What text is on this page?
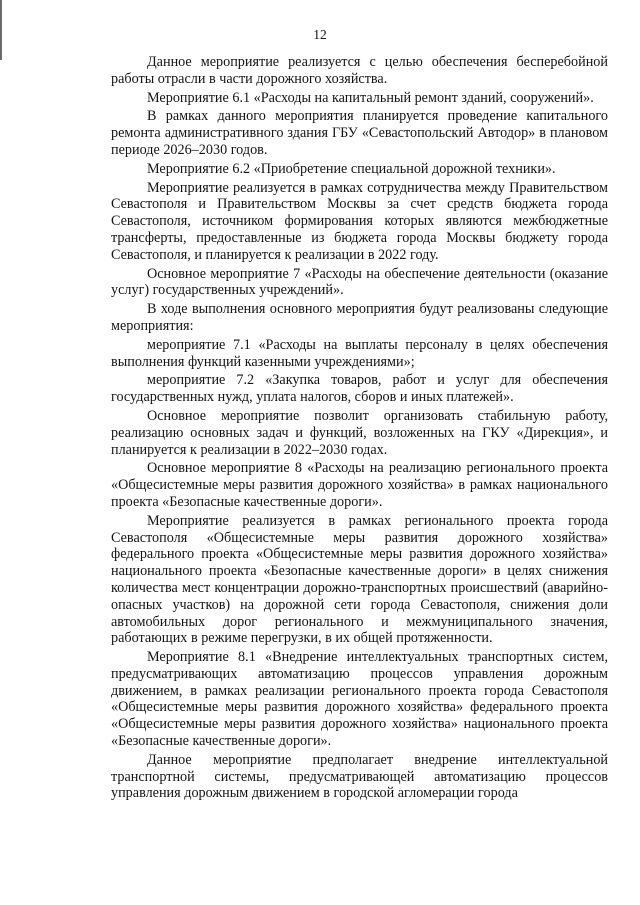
12

Данное мероприятие реализуется с целью обеспечения бесперебойной работы отрасли в части дорожного хозяйства.

Мероприятие 6.1 «Расходы на капитальный ремонт зданий, сооружений».

В рамках данного мероприятия планируется проведение капитального ремонта административного здания ГБУ «Севастопольский Автодор» в плановом периоде 2026–2030 годов.

Мероприятие 6.2 «Приобретение специальной дорожной техники».

Мероприятие реализуется в рамках сотрудничества между Правительством Севастополя и Правительством Москвы за счет средств бюджета города Севастополя, источником формирования которых являются межбюджетные трансферты, предоставленные из бюджета города Москвы бюджету города Севастополя, и планируется к реализации в 2022 году.

Основное мероприятие 7 «Расходы на обеспечение деятельности (оказание услуг) государственных учреждений».

В ходе выполнения основного мероприятия будут реализованы следующие мероприятия:

мероприятие 7.1 «Расходы на выплаты персоналу в целях обеспечения выполнения функций казенными учреждениями»;

мероприятие 7.2 «Закупка товаров, работ и услуг для обеспечения государственных нужд, уплата налогов, сборов и иных платежей».

Основное мероприятие позволит организовать стабильную работу, реализацию основных задач и функций, возложенных на ГКУ «Дирекция», и планируется к реализации в 2022–2030 годах.

Основное мероприятие 8 «Расходы на реализацию регионального проекта «Общесистемные меры развития дорожного хозяйства» в рамках национального проекта «Безопасные качественные дороги».

Мероприятие реализуется в рамках регионального проекта города Севастополя «Общесистемные меры развития дорожного хозяйства» федерального проекта «Общесистемные меры развития дорожного хозяйства» национального проекта «Безопасные качественные дороги» в целях снижения количества мест концентрации дорожно-транспортных происшествий (аварийно-опасных участков) на дорожной сети города Севастополя, снижения доли автомобильных дорог регионального и межмуниципального значения, работающих в режиме перегрузки, в их общей протяженности.

Мероприятие 8.1 «Внедрение интеллектуальных транспортных систем, предусматривающих автоматизацию процессов управления дорожным движением, в рамках реализации регионального проекта города Севастополя «Общесистемные меры развития дорожного хозяйства» федерального проекта «Общесистемные меры развития дорожного хозяйства» национального проекта «Безопасные качественные дороги».

Данное мероприятие предполагает внедрение интеллектуальной транспортной системы, предусматривающей автоматизацию процессов управления дорожным движением в городской агломерации города
